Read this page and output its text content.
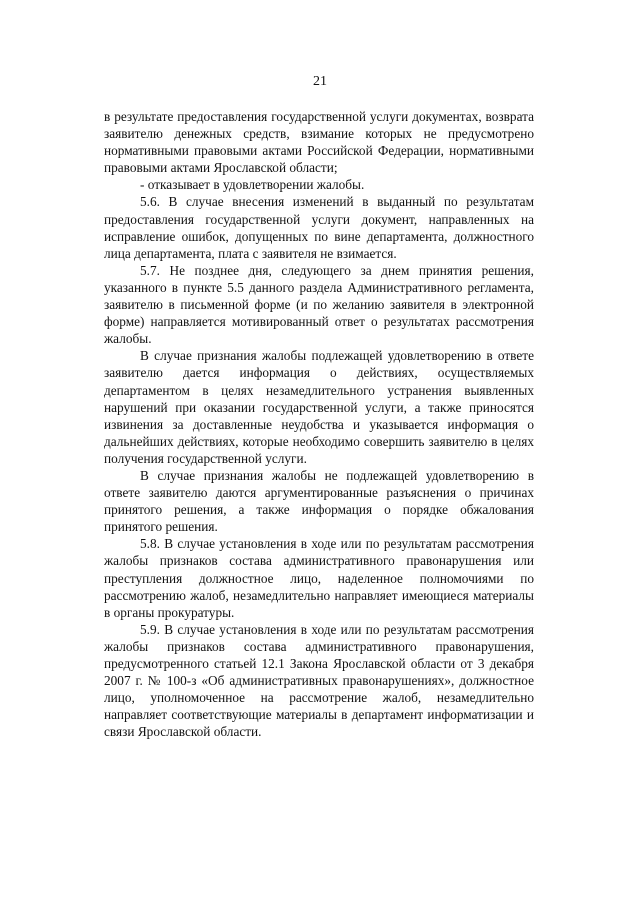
21

в результате предоставления государственной услуги документах, возврата заявителю денежных средств, взимание которых не предусмотрено нормативными правовыми актами Российской Федерации, нормативными правовыми актами Ярославской области;

- отказывает в удовлетворении жалобы.

5.6. В случае внесения изменений в выданный по результатам предоставления государственной услуги документ, направленных на исправление ошибок, допущенных по вине департамента, должностного лица департамента, плата с заявителя не взимается.

5.7. Не позднее дня, следующего за днем принятия решения, указанного в пункте 5.5 данного раздела Административного регламента, заявителю в письменной форме (и по желанию заявителя в электронной форме) направляется мотивированный ответ о результатах рассмотрения жалобы.

В случае признания жалобы подлежащей удовлетворению в ответе заявителю дается информация о действиях, осуществляемых департаментом в целях незамедлительного устранения выявленных нарушений при оказании государственной услуги, а также приносятся извинения за доставленные неудобства и указывается информация о дальнейших действиях, которые необходимо совершить заявителю в целях получения государственной услуги.

В случае признания жалобы не подлежащей удовлетворению в ответе заявителю даются аргументированные разъяснения о причинах принятого решения, а также информация о порядке обжалования принятого решения.

5.8. В случае установления в ходе или по результатам рассмотрения жалобы признаков состава административного правонарушения или преступления должностное лицо, наделенное полномочиями по рассмотрению жалоб, незамедлительно направляет имеющиеся материалы в органы прокуратуры.

5.9. В случае установления в ходе или по результатам рассмотрения жалобы признаков состава административного правонарушения, предусмотренного статьей 12.1 Закона Ярославской области от 3 декабря 2007 г. № 100-з «Об административных правонарушениях», должностное лицо, уполномоченное на рассмотрение жалоб, незамедлительно направляет соответствующие материалы в департамент информатизации и связи Ярославской области.
